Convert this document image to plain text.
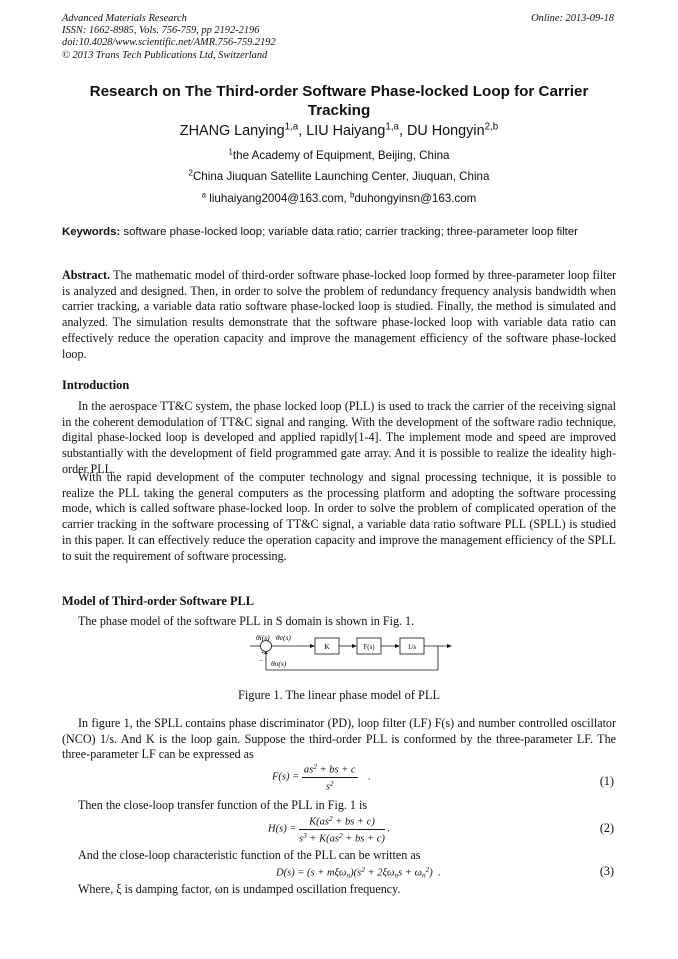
Advanced Materials Research
ISSN: 1662-8985, Vols. 756-759, pp 2192-2196
doi:10.4028/www.scientific.net/AMR.756-759.2192
© 2013 Trans Tech Publications Ltd, Switzerland
Online: 2013-09-18
Research on The Third-order Software Phase-locked Loop for Carrier Tracking
ZHANG Lanying$^{1,a}$, LIU Haiyang$^{1,a}$, DU Hongyin$^{2,b}$
$^1$the Academy of Equipment, Beijing, China
$^2$China Jiuquan Satellite Launching Center, Jiuquan, China
$^a$ liuhaiyang2004@163.com, $^b$duhongyinsn@163.com
Keywords: software phase-locked loop; variable data ratio; carrier tracking; three-parameter loop filter
Abstract. The mathematic model of third-order software phase-locked loop formed by three-parameter loop filter is analyzed and designed. Then, in order to solve the problem of redundancy frequency analysis bandwidth when carrier tracking, a variable data ratio software phase-locked loop is studied. Finally, the method is simulated and analyzed. The simulation results demonstrate that the software phase-locked loop with variable data ratio can effectively reduce the operation capacity and improve the management efficiency of the software phase-locked loop.
Introduction
In the aerospace TT&C system, the phase locked loop (PLL) is used to track the carrier of the receiving signal in the coherent demodulation of TT&C signal and ranging. With the development of the software radio technique, digital phase-locked loop is developed and applied rapidly[1-4]. The implement mode and speed are improved substantially with the development of field programmed gate array. And it is possible to realize the ideality high-order PLL.
With the rapid development of the computer technology and signal processing technique, it is possible to realize the PLL taking the general computers as the processing platform and adopting the software processing mode, which is called software phase-locked loop. In order to solve the problem of complicated operation of the carrier tracking in the software processing of TT&C signal, a variable data ratio software PLL (SPLL) is studied in this paper. It can effectively reduce the operation capacity and improve the management efficiency of the SPLL to suit the requirement of software processing.
Model of Third-order Software PLL
The phase model of the software PLL in S domain is shown in Fig. 1.
θi(s) θe(s)
θo(s)
+
−
K	F(s)	1/s
Figure 1. The linear phase model of PLL
In figure 1, the SPLL contains phase discriminator (PD), loop filter (LF) F(s) and number controlled oscillator (NCO) 1/s. And K is the loop gain. Suppose the third-order PLL is conformed by the three-parameter LF. The three-parameter LF can be expressed as
$F(s) = \frac{as^2 + bs + c}{s^2}$ .	(1)
Then the close-loop transfer function of the PLL in Fig. 1 is
$H(s) = \frac{K(as^2 + bs + c)}{s^3 + K(as^2 + bs + c)}$ .	(2)
And the close-loop characteristic function of the PLL can be written as
$D(s) = (s + m\xi\omega n)(s^2 + 2\xi\omega ns + \omega n^2)$  .	(3)
Where, ξ is damping factor, ωn is undamped oscillation frequency.
